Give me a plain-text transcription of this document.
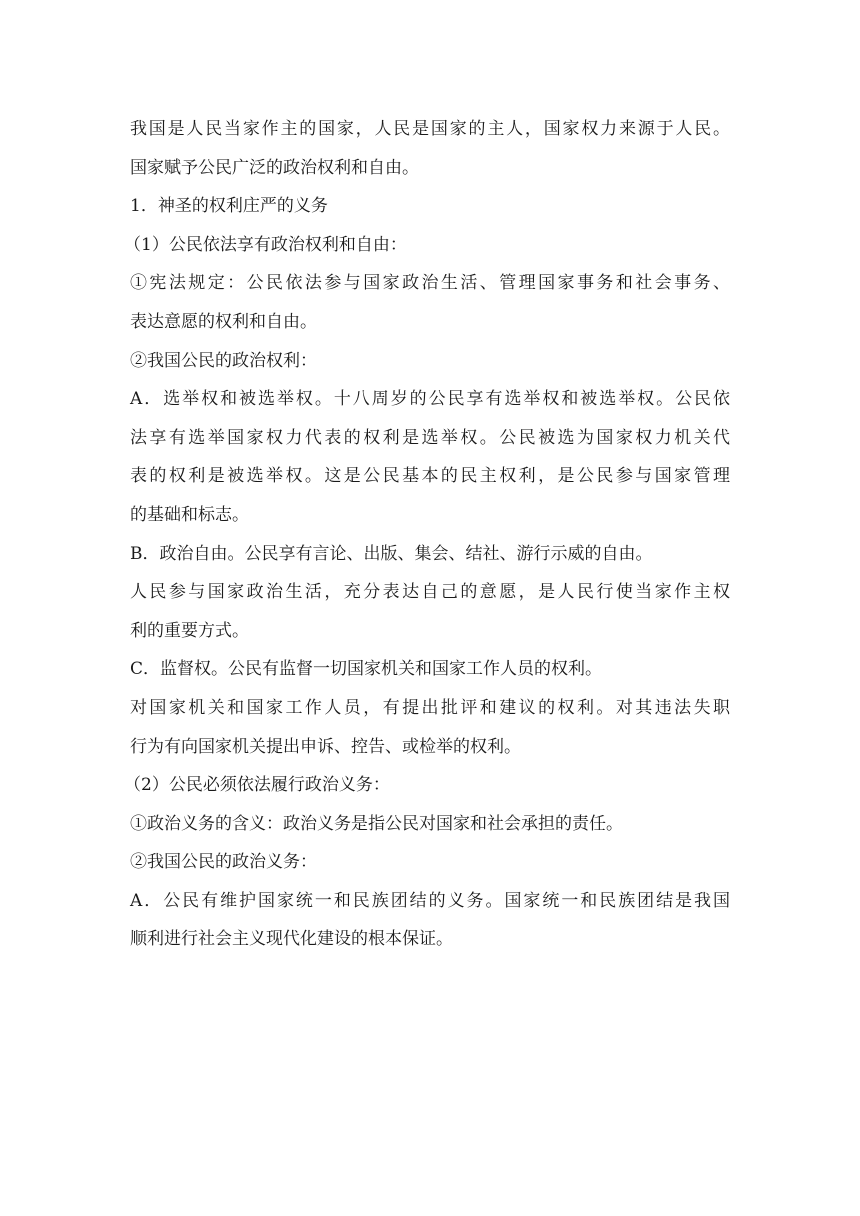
我国是人民当家作主的国家，人民是国家的主人，国家权力来源于人民。
国家赋予公民广泛的政治权利和自由。
1．神圣的权利庄严的义务
（1）公民依法享有政治权利和自由：
①宪法规定：公民依法参与国家政治生活、管理国家事务和社会事务、
表达意愿的权利和自由。
②我国公民的政治权利：
A．选举权和被选举权。十八周岁的公民享有选举权和被选举权。公民依
法享有选举国家权力代表的权利是选举权。公民被选为国家权力机关代
表的权利是被选举权。这是公民基本的民主权利，是公民参与国家管理
的基础和标志。
B．政治自由。公民享有言论、出版、集会、结社、游行示威的自由。
人民参与国家政治生活，充分表达自己的意愿，是人民行使当家作主权
利的重要方式。
C．监督权。公民有监督一切国家机关和国家工作人员的权利。
对国家机关和国家工作人员，有提出批评和建议的权利。对其违法失职
行为有向国家机关提出申诉、控告、或检举的权利。
（2）公民必须依法履行政治义务：
①政治义务的含义：政治义务是指公民对国家和社会承担的责任。
②我国公民的政治义务：
A．公民有维护国家统一和民族团结的义务。国家统一和民族团结是我国
顺利进行社会主义现代化建设的根本保证。
